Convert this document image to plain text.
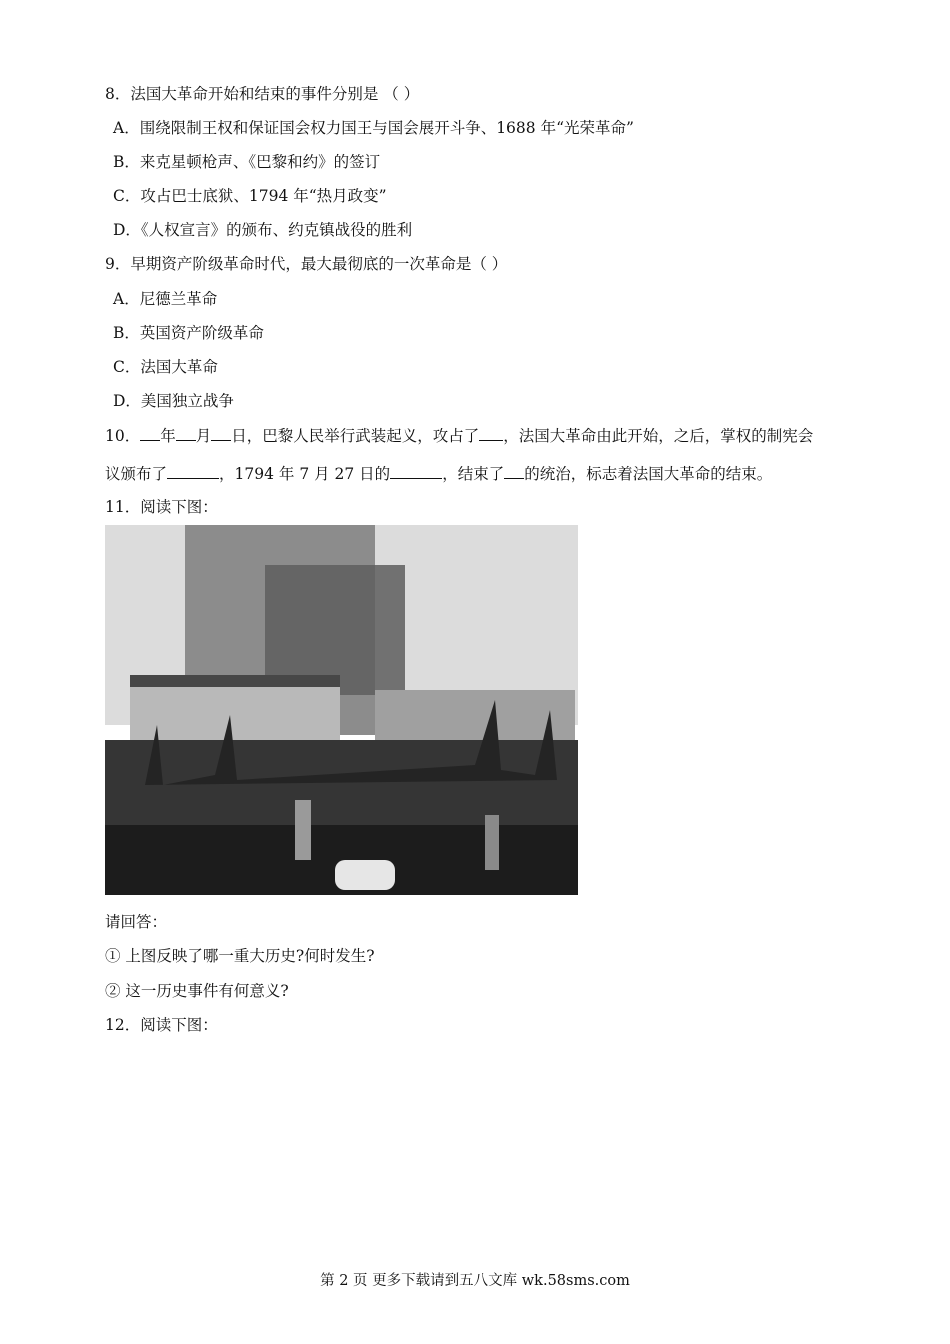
8．法国大革命开始和结束的事件分别是 （ ）
A．围绕限制王权和保证国会权力国王与国会展开斗争、1688 年“光荣革命”
B．来克星顿枪声、《巴黎和约》的签订
C．攻占巴士底狱、1794 年“热月政变”
D．《人权宣言》的颁布、约克镇战役的胜利
9．早期资产阶级革命时代，最大最彻底的一次革命是（ ）
A．尼德兰革命
B．英国资产阶级革命
C．法国大革命
D．美国独立战争
10． 年 月 日，巴黎人民举行武装起义，攻占了 ，法国大革命由此开始，之后，掌权的制宪会
议颁布了	，1794 年 7 月 27 日的	，结束了 的统治，标志着法国大革命的结束。
11．阅读下图：
请回答：
① 上图反映了哪一重大历史?何时发生?
② 这一历史事件有何意义?
12．阅读下图：
第 2 页 更多下载请到五八文库 wk.58sms.com
